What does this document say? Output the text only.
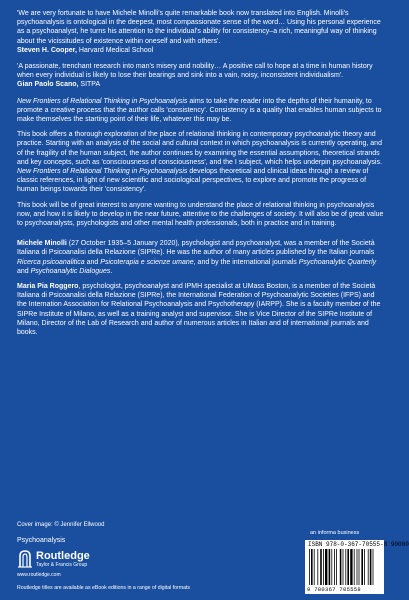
'We are very fortunate to have Michele Minolli's quite remarkable book now translated into English. Minolli's psychoanalysis is ontological in the deepest, most compassionate sense of the word… Using his personal experience as a psychoanalyst, he turns his attention to the individual's ability for consistency–a rich, meaningful way of thinking about the vicissitudes of existence within oneself and with others'.

Steven H. Cooper, Harvard Medical School

'A passionate, trenchant research into man's misery and nobility… A positive call to hope at a time in human history when every individual is likely to lose their bearings and sink into a vain, noisy, inconsistent individualism'.

Gian Paolo Scano, SITPA

New Frontiers of Relational Thinking in Psychoanalysis aims to take the reader into the depths of their humanity, to promote a creative process that the author calls 'consistency'. Consistency is a quality that enables human subjects to make themselves the starting point of their life, whatever this may be.

This book offers a thorough exploration of the place of relational thinking in contemporary psychoanalytic theory and practice. Starting with an analysis of the social and cultural context in which psychoanalysis is currently operating, and of the fragility of the human subject, the author continues by examining the essential assumptions, theoretical strands and key concepts, such as 'consciousness of consciousness', and the I subject, which helps underpin psychoanalysis. New Frontiers of Relational Thinking in Psychoanalysis develops theoretical and clinical ideas through a review of classic references, in light of new scientific and sociological perspectives, to explore and promote the progress of human beings towards their 'consistency'.

This book will be of great interest to anyone wanting to understand the place of relational thinking in psychoanalysis now, and how it is likely to develop in the near future, attentive to the challenges of society. It will also be of great value to psychoanalysts, psychologists and other mental health professionals, both in practice and in training.

Michele Minolli (27 October 1935–5 January 2020), psychologist and psychoanalyst, was a member of the Società Italiana di Psicoanalisi della Relazione (SIPRe). He was the author of many articles published by the Italian journals Ricerca psicoanalitica and Psicoterapia e scienze umane, and by the international journals Psychoanalytic Quarterly and Psychoanalytic Dialogues.

Maria Pia Roggero, psychologist, psychoanalyst and IPMH specialist at UMass Boston, is a member of the Società Italiana di Psicoanalisi della Relazione (SIPRe), the International Federation of Psychoanalytic Societies (IFPS) and the Internation Association for Relational Psychoanalysis and Psychotherapy (IARPP). She is a faculty member of the SIPRe Institute of Milano, as well as a training analyst and supervisor. She is Vice Director of the SIPRe Institute of Milano, Director of the Lab of Research and author of numerous articles in Italian and of international journals and books.

Cover image: © Jennifer Ellwood
Psychoanalysis
Routledge
Taylor & Francis Group
www.routledge.com
Routledge titles are available as eBook editions in a range of digital formats
an informa business
ISBN 978-0-367-70555-8 90000
9 780367 705558
